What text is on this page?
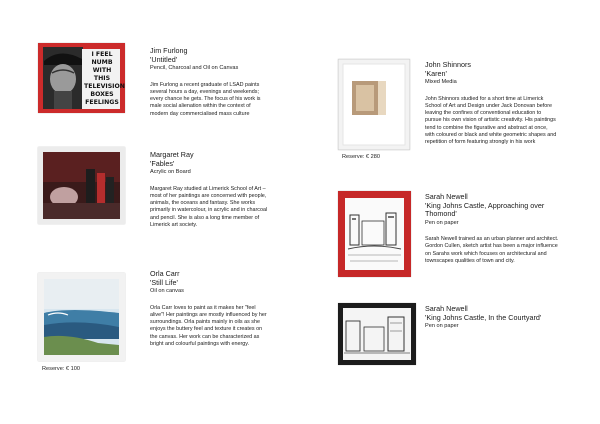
I FEEL NUMB WITH THIS TELEVISION BOXES FEELINGS
Jim Furlong
'Untitled'
Pencil, Charcoal and Oil on Canvas
Jim Furlong a recent graduate of LSAD paints several hours a day, evenings and weekends; every chance he gets. The focus of his work is male social alienation within the context of modern day commercialised mass culture
Margaret Ray
'Fables'
Acrylic on Board
Margaret Ray studied at Limerick School of Art – most of her paintings are concerned with people, animals, the oceans and fantasy. She works primarily in watercolour, in acrylic and in charcoal and pencil. She is also a long time member of Limerick art society.
Orla Carr
'Still Life'
Oil on canvas
Orla Carr loves to paint as it makes her "feel alive"! Her paintings are mostly influenced by her surroundings. Orla paints mainly in oils as she enjoys the buttery feel and texture it creates on the canvas. Her work can be characterized as bright and colourful paintings with energy.
Reserve: € 100
Reserve: € 280
John Shinnors
'Karen'
Mixed Media
John Shinnors studied for a short time at Limerick School of Art and Design under Jack Donovan before leaving the confines of conventional education to pursue his own vision of artistic creativity. His paintings tend to combine the figurative and abstract at once, with coloured or black and white geometric shapes and repetition of form featuring strongly in his work
Sarah Newell
'King Johns Castle, Approaching over Thomond'
Pen on paper
Sarah Newell trained as an urban planner and architect. Gordon Cullen, sketch artist has been a major influence on Sarahs work which focuses on architectural and townscapes qualities of town and city.
Sarah Newell
'King Johns Castle, In the Courtyard'
Pen on paper
